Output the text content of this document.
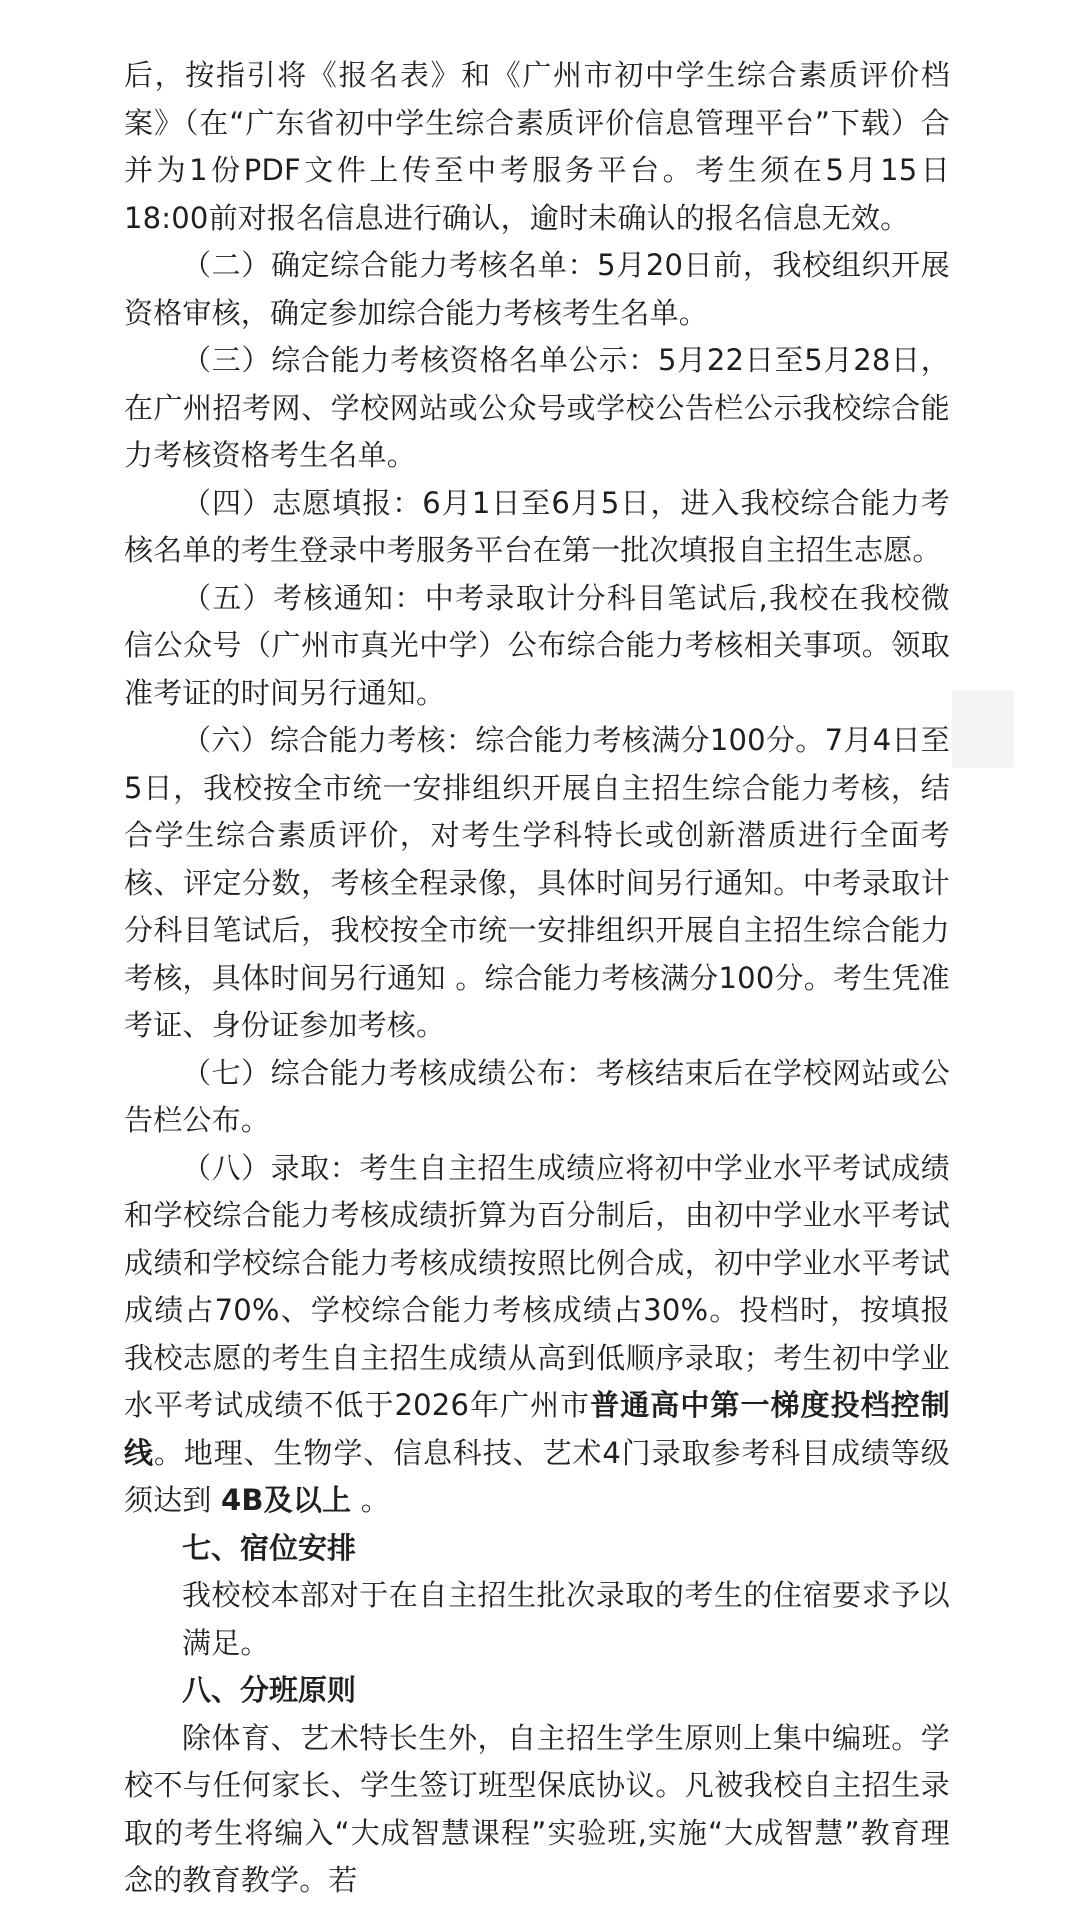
后，按指引将《报名表》和《广州市初中学生综合素质评价档案》（在“广东省初中学生综合素质评价信息管理平台”下载）合并为1份PDF文件上传至中考服务平台。考生须在5月15日18:00前对报名信息进行确认，逾时未确认的报名信息无效。

（二）确定综合能力考核名单：5月20日前，我校组织开展资格审核，确定参加综合能力考核考生名单。

（三）综合能力考核资格名单公示：5月22日至5月28日，在广州招考网、学校网站或公众号或学校公告栏公示我校综合能力考核资格考生名单。

（四）志愿填报：6月1日至6月5日，进入我校综合能力考核名单的考生登录中考服务平台在第一批次填报自主招生志愿。

（五）考核通知：中考录取计分科目笔试后,我校在我校微信公众号（广州市真光中学）公布综合能力考核相关事项。领取准考证的时间另行通知。

（六）综合能力考核：综合能力考核满分100分。7月4日至5日，我校按全市统一安排组织开展自主招生综合能力考核，结合学生综合素质评价，对考生学科特长或创新潜质进行全面考核、评定分数，考核全程录像，具体时间另行通知。中考录取计分科目笔试后，我校按全市统一安排组织开展自主招生综合能力考核，具体时间另行通知 。综合能力考核满分100分。考生凭准考证、身份证参加考核。

（七）综合能力考核成绩公布：考核结束后在学校网站或公告栏公布。

（八）录取：考生自主招生成绩应将初中学业水平考试成绩和学校综合能力考核成绩折算为百分制后，由初中学业水平考试成绩和学校综合能力考核成绩按照比例合成，初中学业水平考试成绩占70%、学校综合能力考核成绩占30%。投档时，按填报我校志愿的考生自主招生成绩从高到低顺序录取；考生初中学业水平考试成绩不低于2026年广州市普通高中第一梯度投档控制线。地理、生物学、信息科技、艺术4门录取参考科目成绩等级须达到 4B及以上 。

七、宿位安排

我校校本部对于在自主招生批次录取的考生的住宿要求予以满足。

八、分班原则

除体育、艺术特长生外，自主招生学生原则上集中编班。学校不与任何家长、学生签订班型保底协议。凡被我校自主招生录取的考生将编入“大成智慧课程”实验班,实施“大成智慧”教育理念的教育教学。若
